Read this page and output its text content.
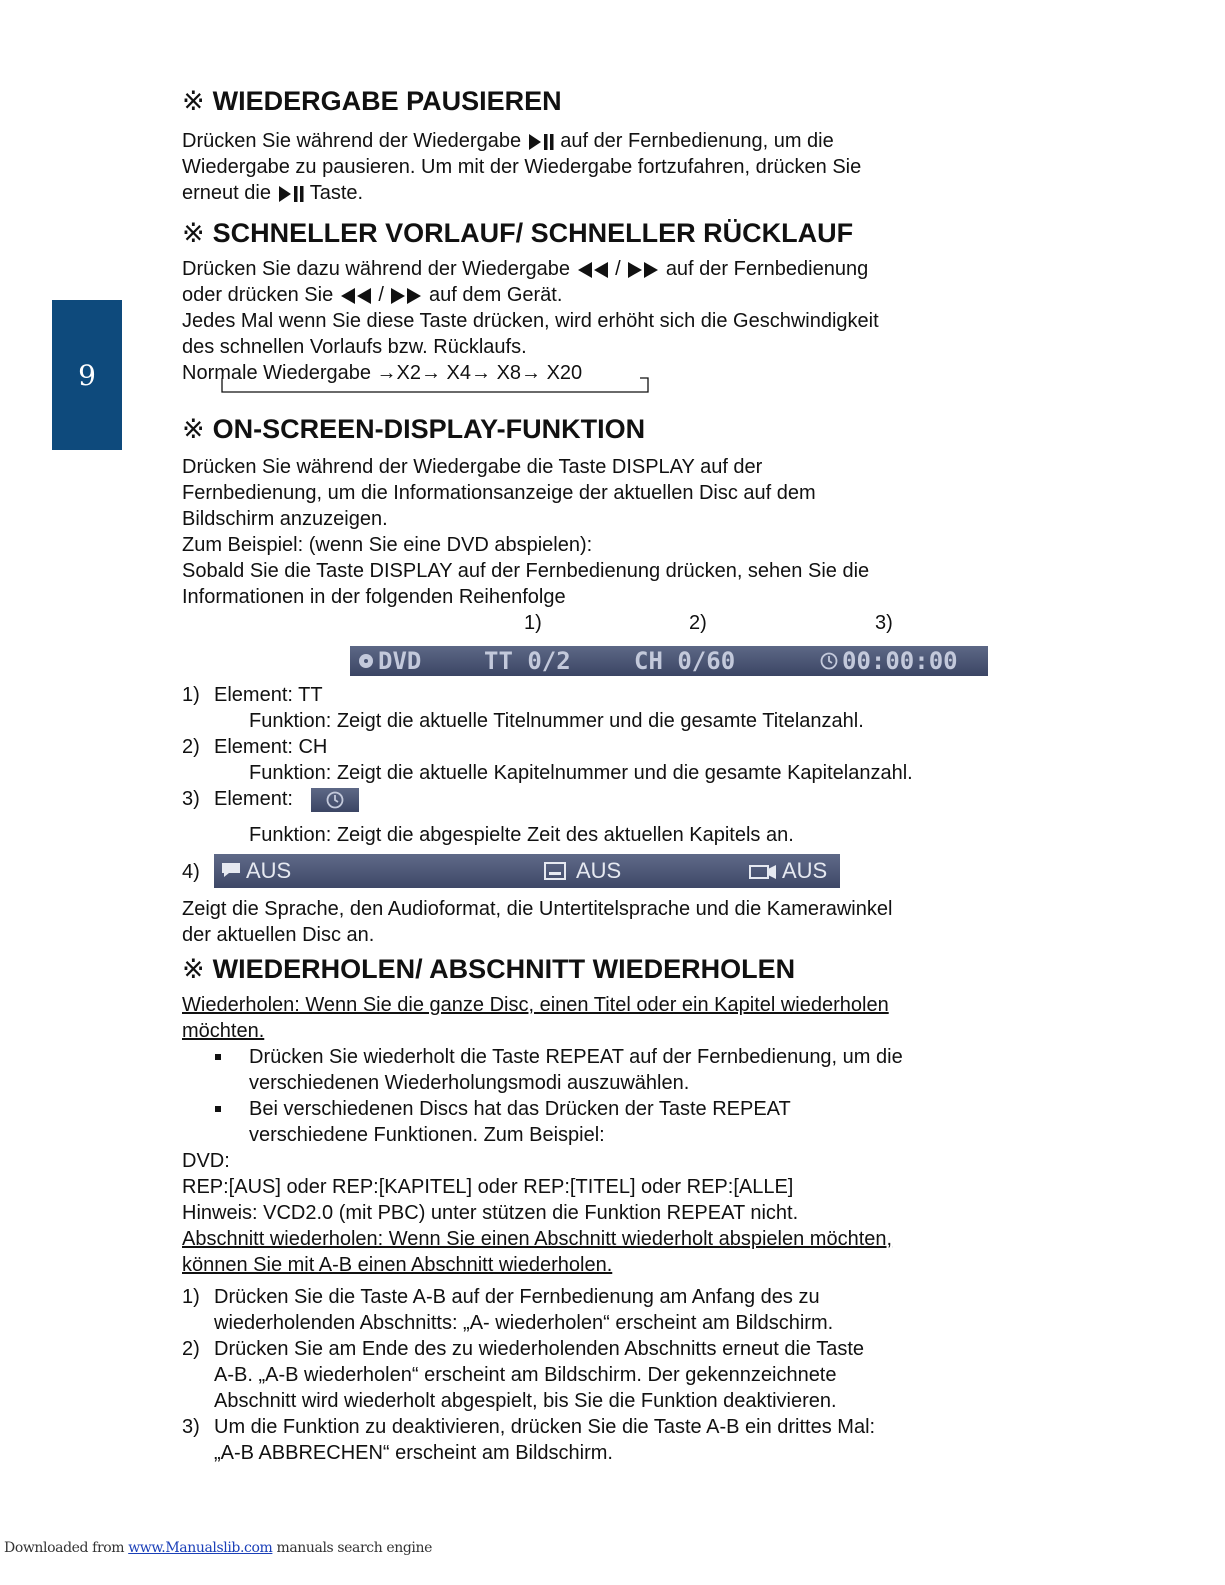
9
※ WIEDERGABE PAUSIEREN

Drücken Sie während der Wiedergabe auf der Fernbedienung, um die
Wiedergabe zu pausieren. Um mit der Wiedergabe fortzufahren, drücken Sie
erneut die Taste.

※ SCHNELLER VORLAUF/ SCHNELLER RÜCKLAUF

Drücken Sie dazu während der Wiedergabe / auf der Fernbedienung
oder drücken Sie / auf dem Gerät.
Jedes Mal wenn Sie diese Taste drücken, wird erhöht sich die Geschwindigkeit
des schnellen Vorlaufs bzw. Rücklaufs.
Normale Wiedergabe →X2→ X4→ X8→ X20

※ ON-SCREEN-DISPLAY-FUNKTION

Drücken Sie während der Wiedergabe die Taste DISPLAY auf der
Fernbedienung, um die Informationsanzeige der aktuellen Disc auf dem
Bildschirm anzuzeigen.
Zum Beispiel: (wenn Sie eine DVD abspielen):
Sobald Sie die Taste DISPLAY auf der Fernbedienung drücken, sehen Sie die
Informationen in der folgenden Reihenfolge

1)	2)	3)
DVD	TT 0/2	CH 0/60	00:00:00
1) Element: TT
Funktion: Zeigt die aktuelle Titelnummer und die gesamte Titelanzahl.
2) Element: CH
Funktion: Zeigt die aktuelle Kapitelnummer und die gesamte Kapitelanzahl.
3) Element:
Funktion: Zeigt die abgespielte Zeit des aktuellen Kapitels an.
4) AUS	AUS	AUS

Zeigt die Sprache, den Audioformat, die Untertitelsprache und die Kamerawinkel
der aktuellen Disc an.

※ WIEDERHOLEN/ ABSCHNITT WIEDERHOLEN

Wiederholen: Wenn Sie die ganze Disc, einen Titel oder ein Kapitel wiederholen
möchten.

Drücken Sie wiederholt die Taste REPEAT auf der Fernbedienung, um die
verschiedenen Wiederholungsmodi auszuwählen.
Bei verschiedenen Discs hat das Drücken der Taste REPEAT
verschiedene Funktionen. Zum Beispiel:

DVD:
REP:[AUS] oder REP:[KAPITEL] oder REP:[TITEL] oder REP:[ALLE]
Hinweis: VCD2.0 (mit PBC) unter stützen die Funktion REPEAT nicht.

Abschnitt wiederholen: Wenn Sie einen Abschnitt wiederholt abspielen möchten,
können Sie mit A-B einen Abschnitt wiederholen.

1) Drücken Sie die Taste A-B auf der Fernbedienung am Anfang des zu
wiederholenden Abschnitts: „A- wiederholen“ erscheint am Bildschirm.
2) Drücken Sie am Ende des zu wiederholenden Abschnitts erneut die Taste
A-B. „A-B wiederholen“ erscheint am Bildschirm. Der gekennzeichnete
Abschnitt wird wiederholt abgespielt, bis Sie die Funktion deaktivieren.
3) Um die Funktion zu deaktivieren, drücken Sie die Taste A-B ein drittes Mal:
„A-B ABBRECHEN“ erscheint am Bildschirm.
Downloaded from www.Manualslib.com manuals search engine
